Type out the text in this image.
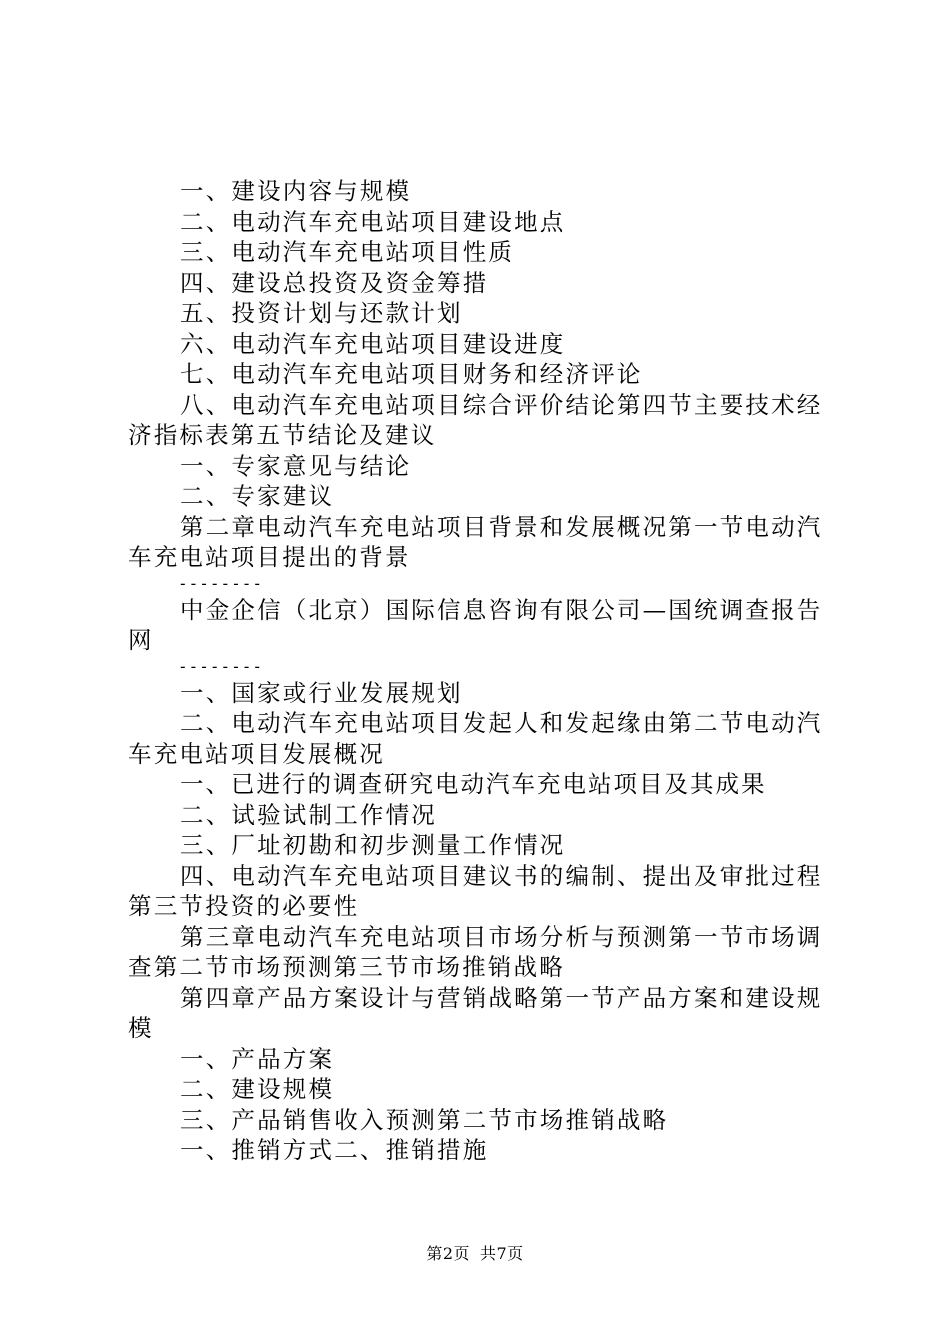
一、建设内容与规模

二、电动汽车充电站项目建设地点

三、电动汽车充电站项目性质

四、建设总投资及资金筹措

五、投资计划与还款计划

六、电动汽车充电站项目建设进度

七、电动汽车充电站项目财务和经济评论

八、电动汽车充电站项目综合评价结论第四节主要技术经济指标表第五节结论及建议

一、专家意见与结论

二、专家建议

第二章电动汽车充电站项目背景和发展概况第一节电动汽车充电站项目提出的背景

--------

中金企信（北京）国际信息咨询有限公司—国统调查报告网

--------

一、国家或行业发展规划

二、电动汽车充电站项目发起人和发起缘由第二节电动汽车充电站项目发展概况

一、已进行的调查研究电动汽车充电站项目及其成果

二、试验试制工作情况

三、厂址初勘和初步测量工作情况

四、电动汽车充电站项目建议书的编制、提出及审批过程第三节投资的必要性

第三章电动汽车充电站项目市场分析与预测第一节市场调查第二节市场预测第三节市场推销战略

第四章产品方案设计与营销战略第一节产品方案和建设规模

一、产品方案

二、建设规模

三、产品销售收入预测第二节市场推销战略

一、推销方式二、推销措施

第2页 共7页
